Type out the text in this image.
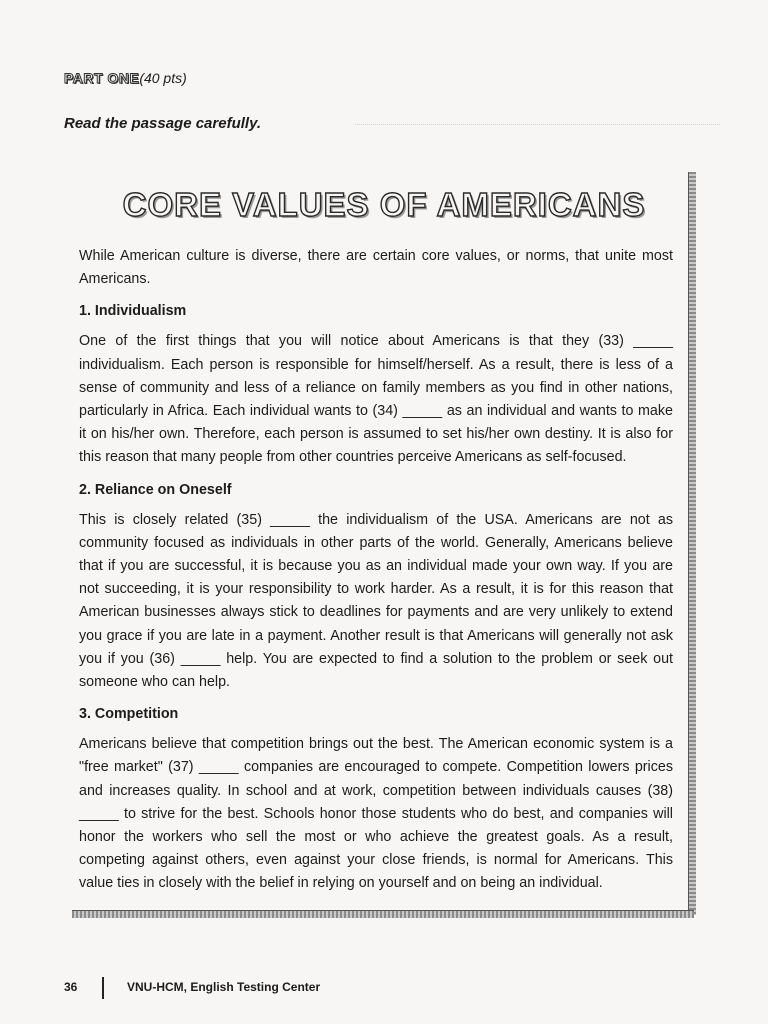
PART ONE(40 pts)
Read the passage carefully.
CORE VALUES OF AMERICANS

While American culture is diverse, there are certain core values, or norms, that unite most Americans.

1. Individualism

One of the first things that you will notice about Americans is that they (33) _____ individualism. Each person is responsible for himself/herself. As a result, there is less of a sense of community and less of a reliance on family members as you find in other nations, particularly in Africa. Each individual wants to (34) _____ as an individual and wants to make it on his/her own. Therefore, each person is assumed to set his/her own destiny. It is also for this reason that many people from other countries perceive Americans as self-focused.

2. Reliance on Oneself

This is closely related (35) _____ the individualism of the USA. Americans are not as community focused as individuals in other parts of the world. Generally, Americans believe that if you are successful, it is because you as an individual made your own way. If you are not succeeding, it is your responsibility to work harder. As a result, it is for this reason that American businesses always stick to deadlines for payments and are very unlikely to extend you grace if you are late in a payment. Another result is that Americans will generally not ask you if you (36) _____ help. You are expected to find a solution to the problem or seek out someone who can help.

3. Competition

Americans believe that competition brings out the best. The American economic system is a "free market" (37) _____ companies are encouraged to compete. Competition lowers prices and increases quality. In school and at work, competition between individuals causes (38) _____ to strive for the best. Schools honor those students who do best, and companies will honor the workers who sell the most or who achieve the greatest goals. As a result, competing against others, even against your close friends, is normal for Americans. This value ties in closely with the belief in relying on yourself and on being an individual.

36	VNU-HCM, English Testing Center
